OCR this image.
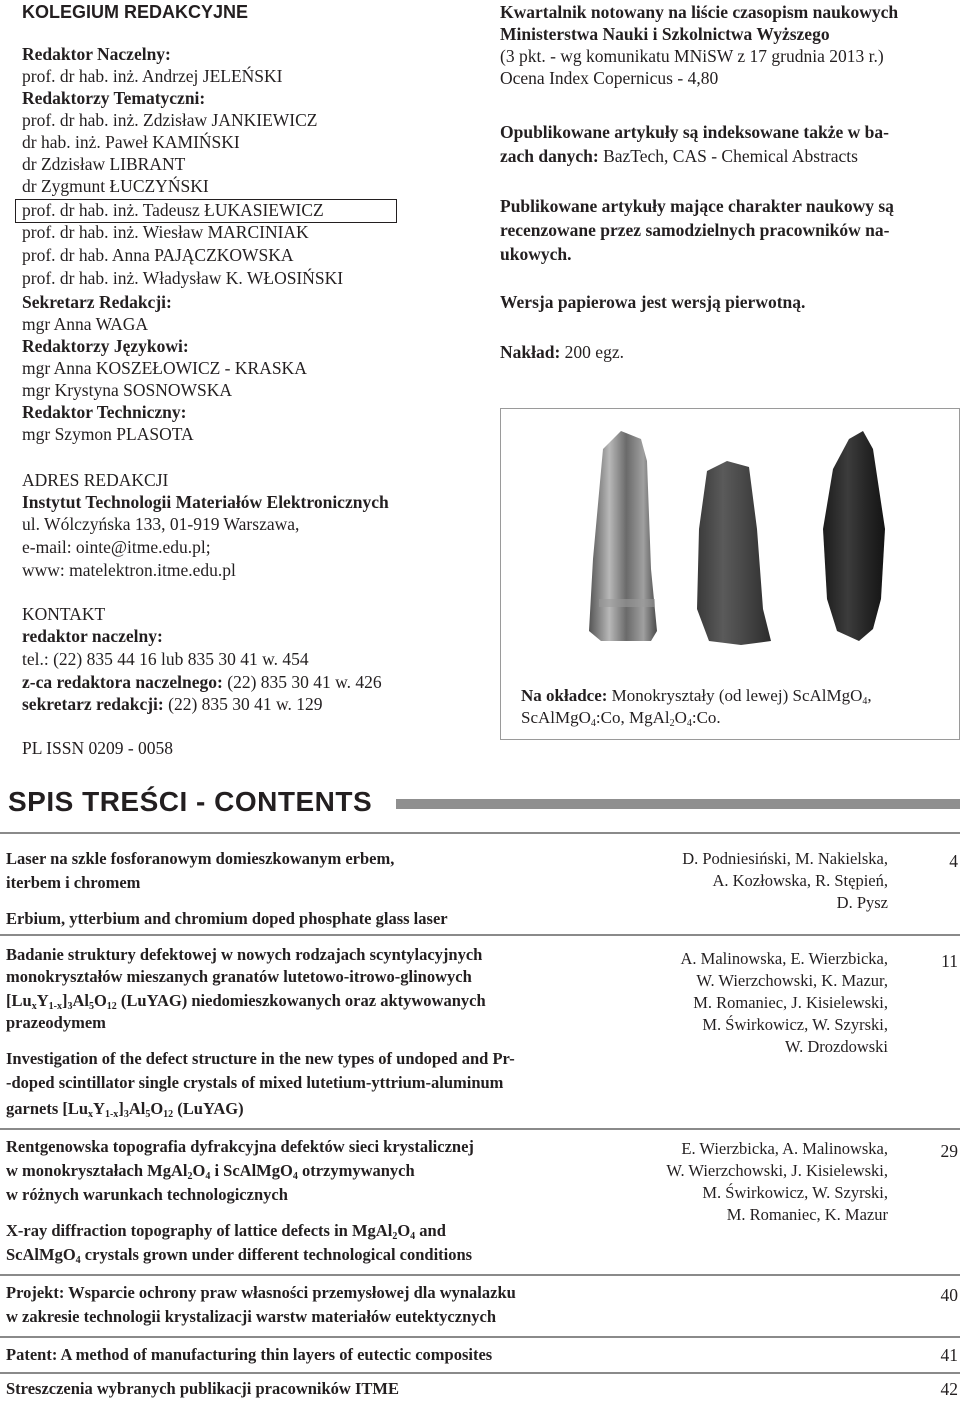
KOLEGIUM REDAKCYJNE
Redaktor Naczelny:
prof. dr hab. inż. Andrzej JELEŃSKI
Redaktorzy Tematyczni:
prof. dr hab. inż. Zdzisław JANKIEWICZ
dr hab. inż. Paweł KAMIŃSKI
dr Zdzisław LIBRANT
dr Zygmunt ŁUCZYŃSKI
prof. dr hab. inż. Tadeusz ŁUKASIEWICZ
prof. dr hab. inż. Wiesław MARCINIAK
prof. dr hab. Anna PAJĄCZKOWSKA
prof. dr hab. inż. Władysław K. WŁOSIŃSKI
Sekretarz Redakcji:
mgr Anna WAGA
Redaktorzy Językowi:
mgr Anna KOSZEŁOWICZ - KRASKA
mgr Krystyna SOSNOWSKA
Redaktor Techniczny:
mgr Szymon PLASOTA
ADRES REDAKCJI
Instytut Technologii Materiałów Elektronicznych
ul. Wólczyńska 133, 01-919 Warszawa,
e-mail: ointe@itme.edu.pl;
www: matelektron.itme.edu.pl
KONTAKT
redaktor naczelny:
tel.: (22) 835 44 16 lub 835 30 41 w. 454
z-ca redaktora naczelnego: (22) 835 30 41 w. 426
sekretarz redakcji: (22) 835 30 41 w. 129
PL ISSN 0209 - 0058
Kwartalnik notowany na liście czasopism naukowych
Ministerstwa Nauki i Szkolnictwa Wyższego
(3 pkt. - wg komunikatu MNiSW z 17 grudnia 2013 r.)
Ocena Index Copernicus - 4,80
Opublikowane artykuły są indeksowane także w ba-
zach danych: BazTech, CAS - Chemical Abstracts
Publikowane artykuły mające charakter naukowy są
recenzowane przez samodzielnych pracowników na-
ukowych.
Wersja papierowa jest wersją pierwotną.
Nakład: 200 egz.
Na okładce: Monokryształy (od lewej) ScAlMgO$_4$,
ScAlMgO$_4$:Co, $MgAl_2O_4:Co$.
SPIS TREŚCI - CONTENTS
Laser na szkle fosforanowym domieszkowanym erbem,
iterbem i chromem
Erbium, ytterbium and chromium doped phosphate glass laser
D. Podniesiński, M. Nakielska,
A. Kozłowska, R. Stępień,
D. Pysz
4
Badanie struktury defektowej w nowych rodzajach scyntylacyjnych
monokryształów mieszanych granatów lutetowo-itrowo-glinowych
$[Lu_xY_{1-x}]_3Al_5O_{12}$ (LuYAG) niedomieszkowanych oraz aktywowanych
prazeodymem
Investigation of the defect structure in the new types of undoped and Pr-
-doped scintillator single crystals of mixed lutetium-yttrium-aluminum
garnets $[Lu_xY_{1-x}]_3Al_5O_{12}$ (LuYAG)
A. Malinowska, E. Wierzbicka,
W. Wierzchowski, K. Mazur,
M. Romaniec, J. Kisielewski,
M. Świrkowicz, W. Szyrski,
W. Drozdowski
11
Rentgenowska topografia dyfrakcyjna defektów sieci krystalicznej
w monokryształach $MgAl_2O_4$ i ScAlMgO$_4$ otrzymywanych
w różnych warunkach technologicznych
X-ray diffraction topography of lattice defects in $MgAl_2O_4$ and
ScAlMgO$_4$ crystals grown under different technological conditions
E. Wierzbicka, A. Malinowska,
W. Wierzchowski, J. Kisielewski,
M. Świrkowicz, W. Szyrski,
M. Romaniec, K. Mazur
29
Projekt: Wsparcie ochrony praw własności przemysłowej dla wynalazku
w zakresie technologii krystalizacji warstw materiałów eutektycznych
40
Patent: A method of manufacturing thin layers of eutectic composites	41
Streszczenia wybranych publikacji pracowników ITME	42
